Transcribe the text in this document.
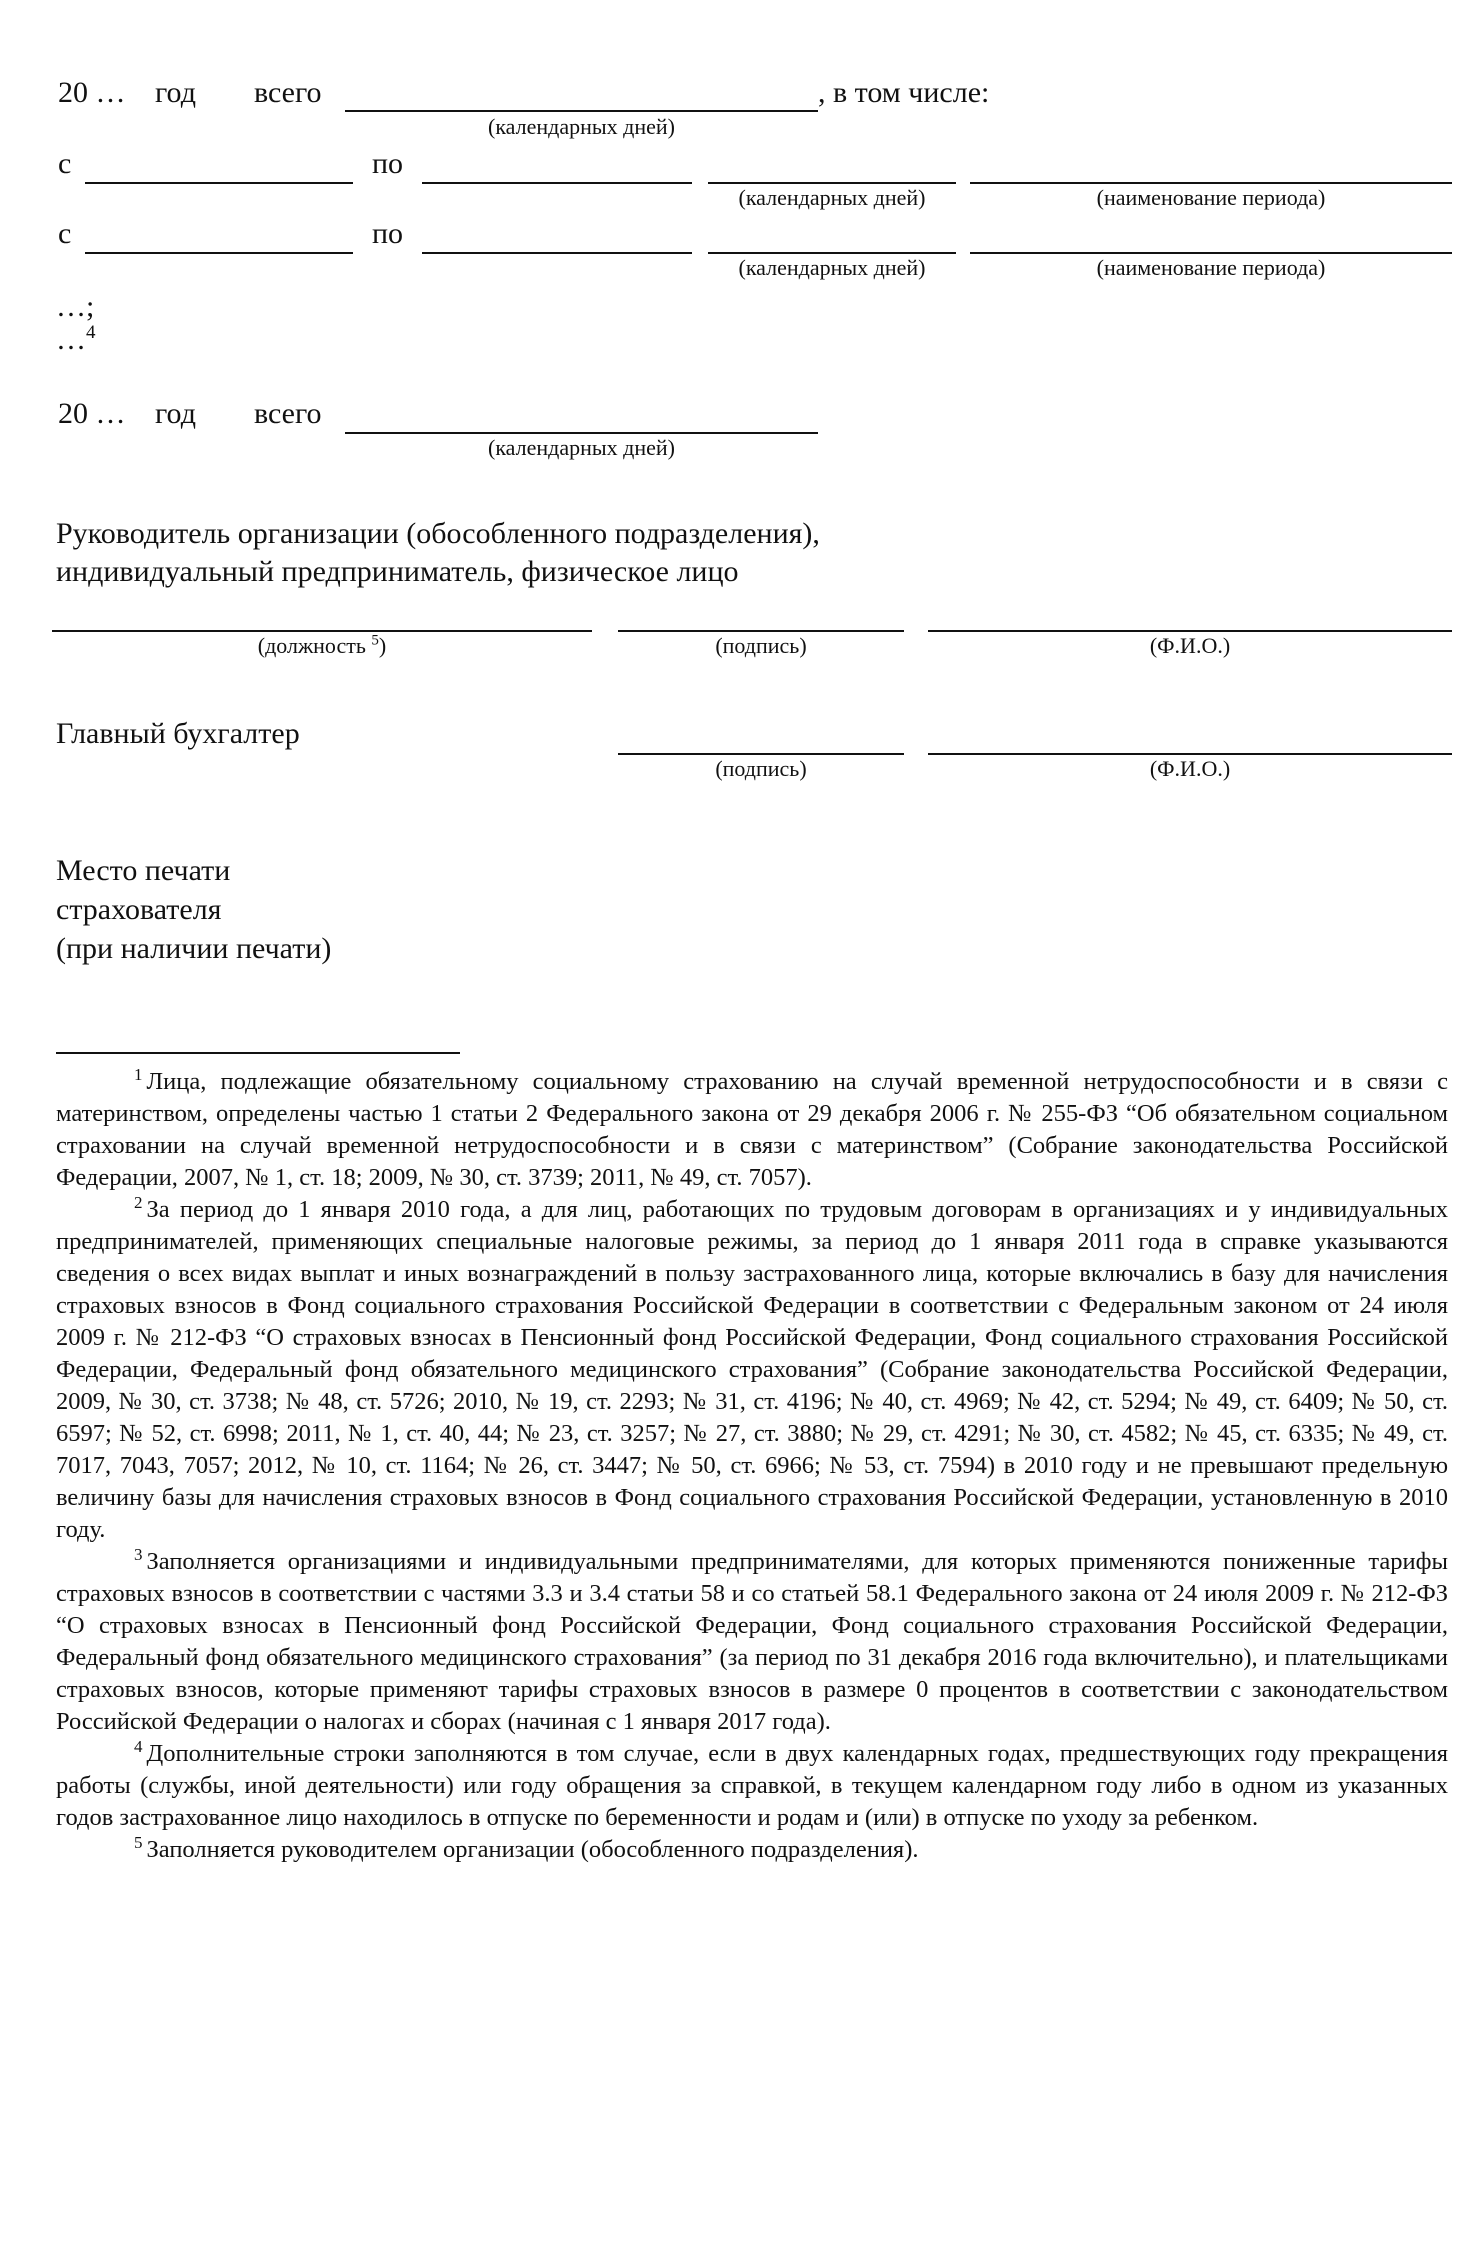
20 … год всего	, в том числе:
(календарных дней)
с	по
(календарных дней)	(наименование периода)
с	по
(календарных дней)	(наименование периода)
…;
…$^4$
20 … год всего
(календарных дней)
Руководитель организации (обособленного подразделения),
индивидуальный предприниматель, физическое лицо
(должность $^5$)	(подпись)	(Ф.И.О.)
Главный бухгалтер
(подпись)	(Ф.И.О.)
Место печати
страхователя
(при наличии печати)

$^1$ Лица, подлежащие обязательному социальному страхованию на случай временной нетрудоспособности и в связи с материнством, определены частью 1 статьи 2 Федерального закона от 29 декабря 2006 г. № 255-ФЗ “Об обязательном социальном страховании на случай временной нетрудоспособности и в связи с материнством” (Собрание законодательства Российской Федерации, 2007, № 1, ст. 18; 2009, № 30, ст. 3739; 2011, № 49, ст. 7057).

$^2$ За период до 1 января 2010 года, а для лиц, работающих по трудовым договорам в организациях и у индивидуальных предпринимателей, применяющих специальные налоговые режимы, за период до 1 января 2011 года в справке указываются сведения о всех видах выплат и иных вознаграждений в пользу застрахованного лица, которые включались в базу для начисления страховых взносов в Фонд социального страхования Российской Федерации в соответствии с Федеральным законом от 24 июля 2009 г. № 212-ФЗ “О страховых взносах в Пенсионный фонд Российской Федерации, Фонд социального страхования Российской Федерации, Федеральный фонд обязательного медицинского страхования” (Собрание законодательства Российской Федерации, 2009, № 30, ст. 3738; № 48, ст. 5726; 2010, № 19, ст. 2293; № 31, ст. 4196; № 40, ст. 4969; № 42, ст. 5294; № 49, ст. 6409; № 50, ст. 6597; № 52, ст. 6998; 2011, № 1, ст. 40, 44; № 23, ст. 3257; № 27, ст. 3880; № 29, ст. 4291; № 30, ст. 4582; № 45, ст. 6335; № 49, ст. 7017, 7043, 7057; 2012, № 10, ст. 1164; № 26, ст. 3447; № 50, ст. 6966; № 53, ст. 7594) в 2010 году и не превышают предельную величину базы для начисления страховых взносов в Фонд социального страхования Российской Федерации, установленную в 2010 году.

$^3$ Заполняется организациями и индивидуальными предпринимателями, для которых применяются пониженные тарифы страховых взносов в соответствии с частями 3.3 и 3.4 статьи 58 и со статьей 58.1 Федерального закона от 24 июля 2009 г. № 212-ФЗ “О страховых взносах в Пенсионный фонд Российской Федерации, Фонд социального страхования Российской Федерации, Федеральный фонд обязательного медицинского страхования” (за период по 31 декабря 2016 года включительно), и плательщиками страховых взносов, которые применяют тарифы страховых взносов в размере 0 процентов в соответствии с законодательством Российской Федерации о налогах и сборах (начиная с 1 января 2017 года).

$^4$ Дополнительные строки заполняются в том случае, если в двух календарных годах, предшествующих году прекращения работы (службы, иной деятельности) или году обращения за справкой, в текущем календарном году либо в одном из указанных годов застрахованное лицо находилось в отпуске по беременности и родам и (или) в отпуске по уходу за ребенком.

$^5$ Заполняется руководителем организации (обособленного подразделения).
